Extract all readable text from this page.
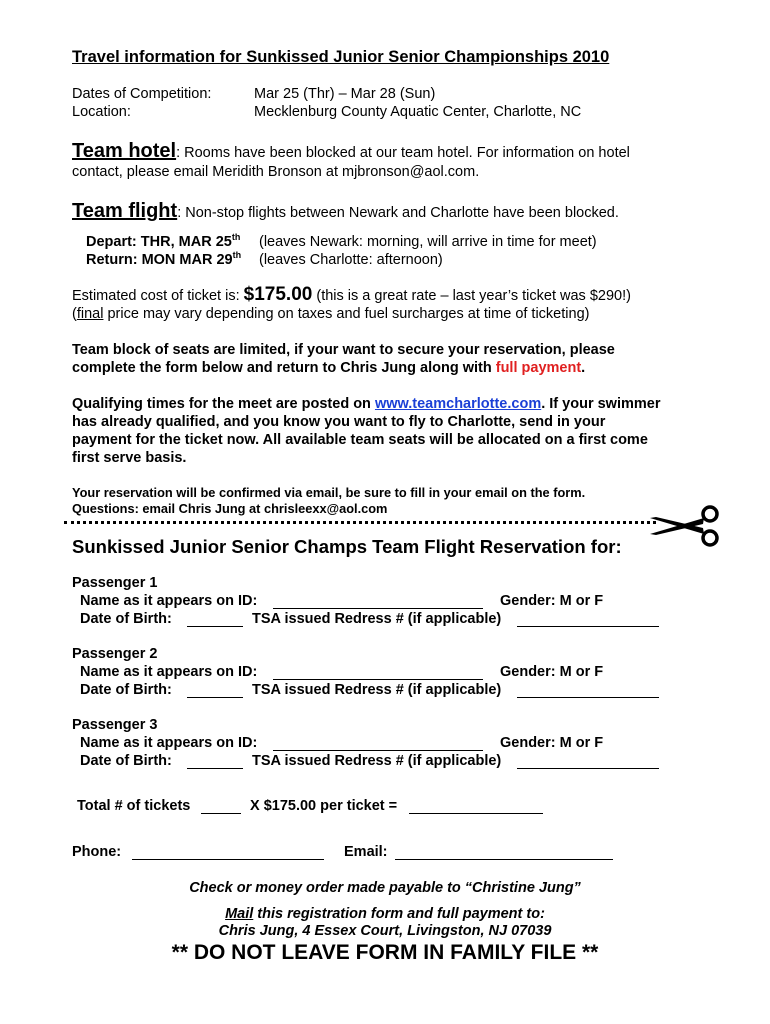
Travel information for Sunkissed Junior Senior Championships 2010
Dates of Competition:	Mar 25 (Thr) – Mar 28 (Sun)
Location:	Mecklenburg County Aquatic Center, Charlotte, NC
Team hotel: Rooms have been blocked at our team hotel. For information on hotel
contact, please email Meridith Bronson at mjbronson@aol.com.
Team flight: Non-stop flights between Newark and Charlotte have been blocked.
Depart: THR, MAR 25th (leaves Newark: morning, will arrive in time for meet)
Return: MON MAR 29th (leaves Charlotte: afternoon)
Estimated cost of ticket is: $175.00 (this is a great rate – last year’s ticket was $290!)
(final price may vary depending on taxes and fuel surcharges at time of ticketing)
Team block of seats are limited, if your want to secure your reservation, please
complete the form below and return to Chris Jung along with full payment.
Qualifying times for the meet are posted on www.teamcharlotte.com. If your swimmer
has already qualified, and you know you want to fly to Charlotte, send in your
payment for the ticket now. All available team seats will be allocated on a first come
first serve basis.
Your reservation will be confirmed via email, be sure to fill in your email on the form.
Questions: email Chris Jung at chrisleexx@aol.com
Sunkissed Junior Senior Champs Team Flight Reservation for:
Passenger 1
Name as it appears on ID:	Gender: M or F
Date of Birth:	TSA issued Redress # (if applicable)
Passenger 2
Name as it appears on ID:	Gender: M or F
Date of Birth:	TSA issued Redress # (if applicable)
Passenger 3
Name as it appears on ID:	Gender: M or F
Date of Birth:	TSA issued Redress # (if applicable)
Total # of tickets	X $175.00 per ticket =
Phone:	Email:
Check or money order made payable to “Christine Jung”
Mail this registration form and full payment to:
Chris Jung, 4 Essex Court, Livingston, NJ 07039
** DO NOT LEAVE FORM IN FAMILY FILE **
